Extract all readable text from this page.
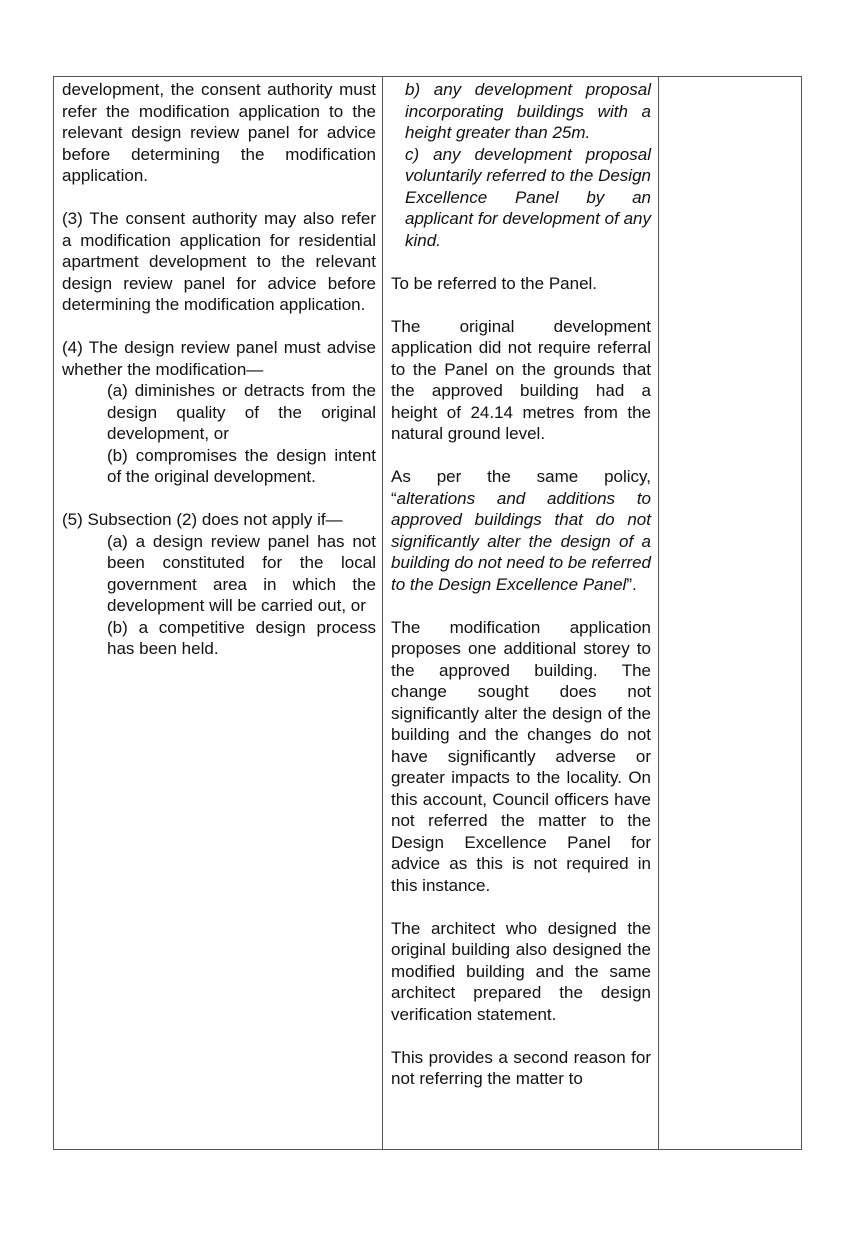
development, the consent authority must refer the modification application to the relevant design review panel for advice before determining the modification application.

(3) The consent authority may also refer a modification application for residential apartment development to the relevant design review panel for advice before determining the modification application.

(4) The design review panel must advise whether the modification—

(a) diminishes or detracts from the design quality of the original development, or

(b) compromises the design intent of the original development.

(5) Subsection (2) does not apply if—

(a) a design review panel has not been constituted for the local government area in which the development will be carried out, or

(b) a competitive design process has been held.

b) any development proposal incorporating buildings with a height greater than 25m.

c) any development proposal voluntarily referred to the Design Excellence Panel by an applicant for development of any kind.

To be referred to the Panel.

The original development application did not require referral to the Panel on the grounds that the approved building had a height of 24.14 metres from the natural ground level.

As per the same policy, “alterations and additions to approved buildings that do not significantly alter the design of a building do not need to be referred to the Design Excellence Panel”.

The modification application proposes one additional storey to the approved building. The change sought does not significantly alter the design of the building and the changes do not have significantly adverse or greater impacts to the locality. On this account, Council officers have not referred the matter to the Design Excellence Panel for advice as this is not required in this instance.

The architect who designed the original building also designed the modified building and the same architect prepared the design verification statement.

This provides a second reason for not referring the matter to
